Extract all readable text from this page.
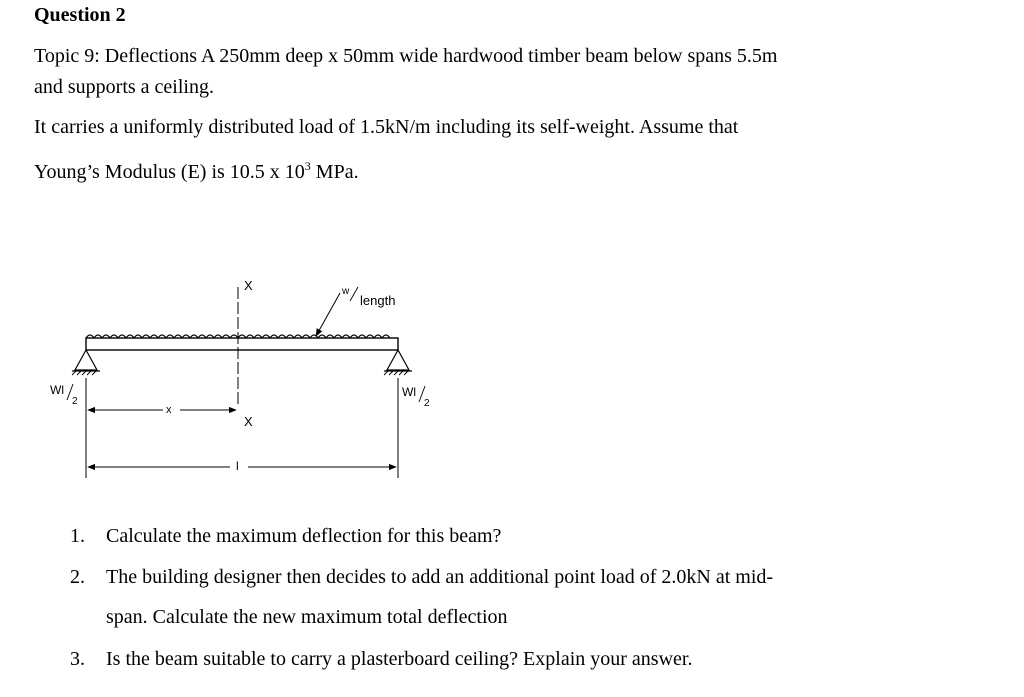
Question 2
Topic 9: Deflections A 250mm deep x 50mm wide hardwood timber beam below spans 5.5m
and supports a ceiling.
It carries a uniformly distributed load of 1.5kN/m including its self-weight. Assume that
Young’s Modulus (E) is 10.5 x $10^3$ MPa.
X
X
w
length
Wl
2
Wl
2
x
l
1. Calculate the maximum deflection for this beam?
2. The building designer then decides to add an additional point load of 2.0kN at mid-
span. Calculate the new maximum total deflection
3. Is the beam suitable to carry a plasterboard ceiling? Explain your answer.
